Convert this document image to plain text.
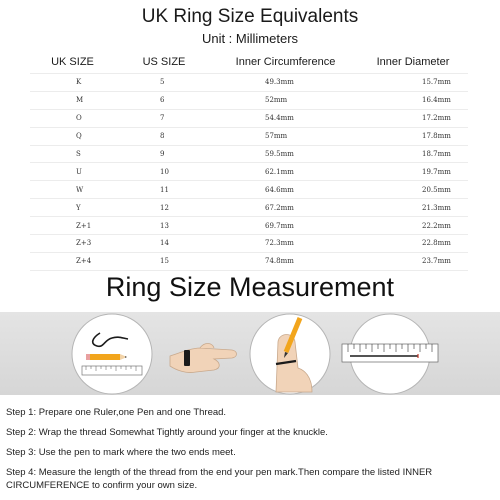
UK Ring Size Equivalents
Unit : Millimeters
UK SIZE	US SIZE	Inner Circumference	Inner Diameter
K	5	49.3mm	15.7mm
M	6	52mm	16.4mm
O	7	54.4mm	17.2mm
Q	8	57mm	17.8mm
S	9	59.5mm	18.7mm
U	10	62.1mm	19.7mm
W	11	64.6mm	20.5mm
Y	12	67.2mm	21.3mm
Z+1	13	69.7mm	22.2mm
Z+3	14	72.3mm	22.8mm
Z+4	15	74.8mm	23.7mm
Ring Size Measurement
Step 1: Prepare one Ruler,one Pen and one Thread.
Step 2: Wrap the thread Somewhat Tightly around your finger at the knuckle.
Step 3: Use the pen to mark where the two ends meet.
Step 4: Measure the length of the thread from the end your pen mark.Then compare the listed INNER CIRCUMFERENCE to confirm your own size.
